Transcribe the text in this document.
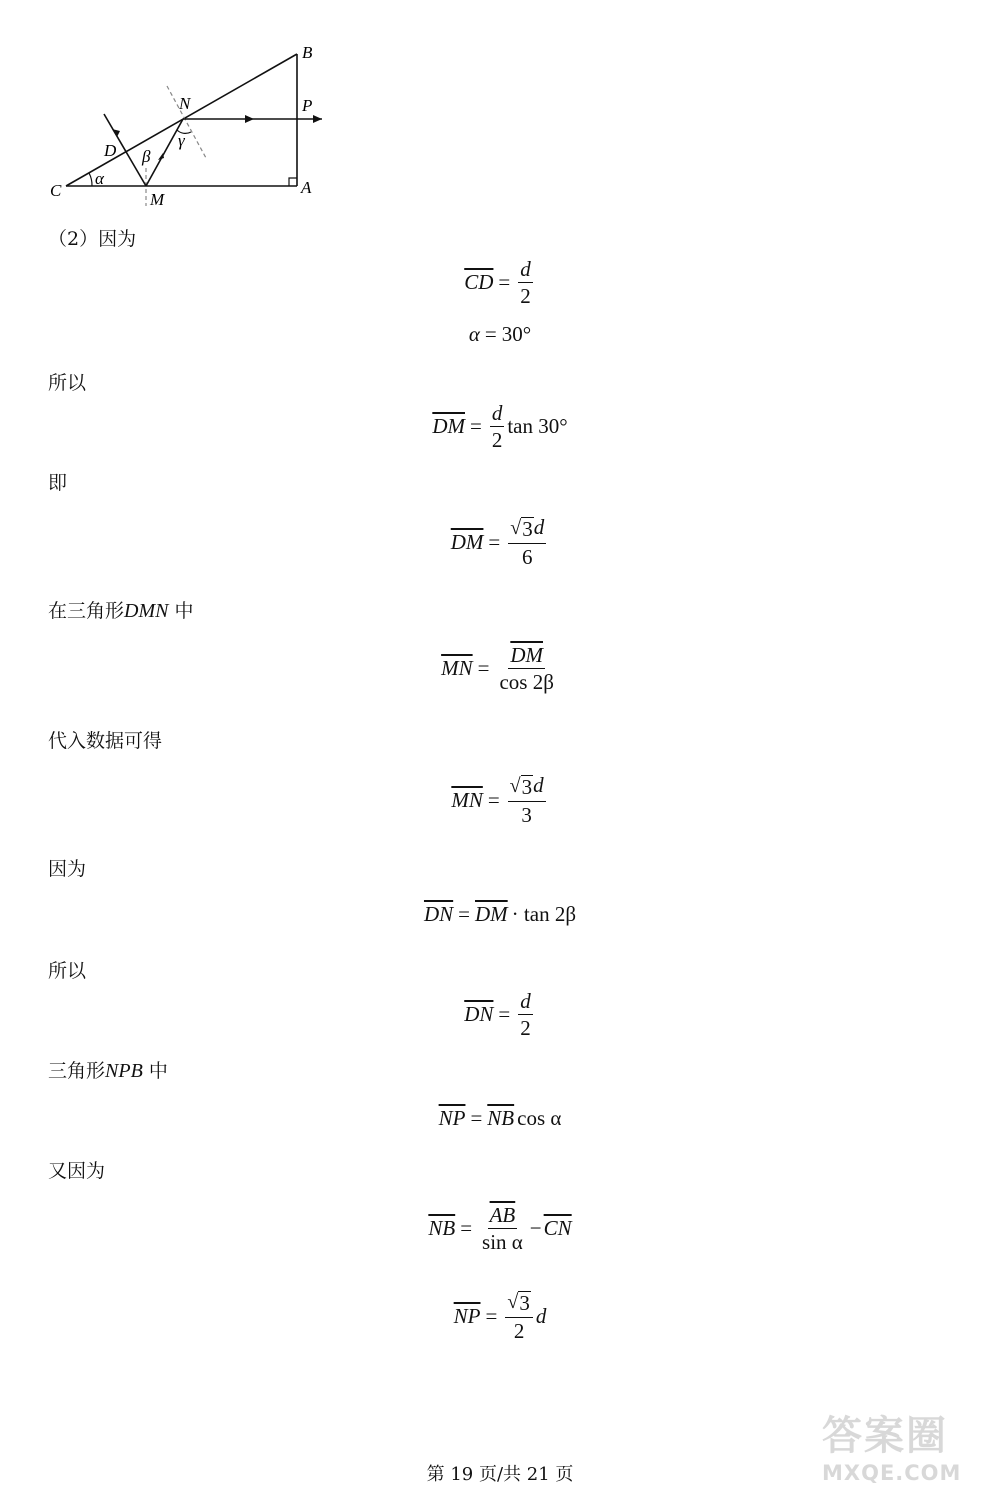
B
P
N
D β
γ
C
α
M
A
（2）因为
$\overline{CD} = \frac{d}{2}$
α = 30°
所以
$\overline{DM} = \frac{d}{2}$ tan 30°
即
$\overline{DM} = \frac{√ 3 d}{6}$
在三角形DMN 中
$\overline{MN} = \frac{\overline{DM}}{\cos 2\beta}$
代入数据可得
$\overline{MN} = \frac{√ 3 d}{3}$
因为
$\overline{DN} = \overline{DM} \cdot \tan 2\beta$
所以
$\overline{DN} = \frac{d}{2}$
三角形NPB 中
$\overline{NP} = \overline{NB}$ cos α
又因为
$\overline{NB} = \frac{\overline{AB}}{\text{sin α}} - \overline{CN}$
$\overline{NP} = \frac{√ 3}{2}$ d
第 19 页/共 21 页
答案圈
MXQE.COM
